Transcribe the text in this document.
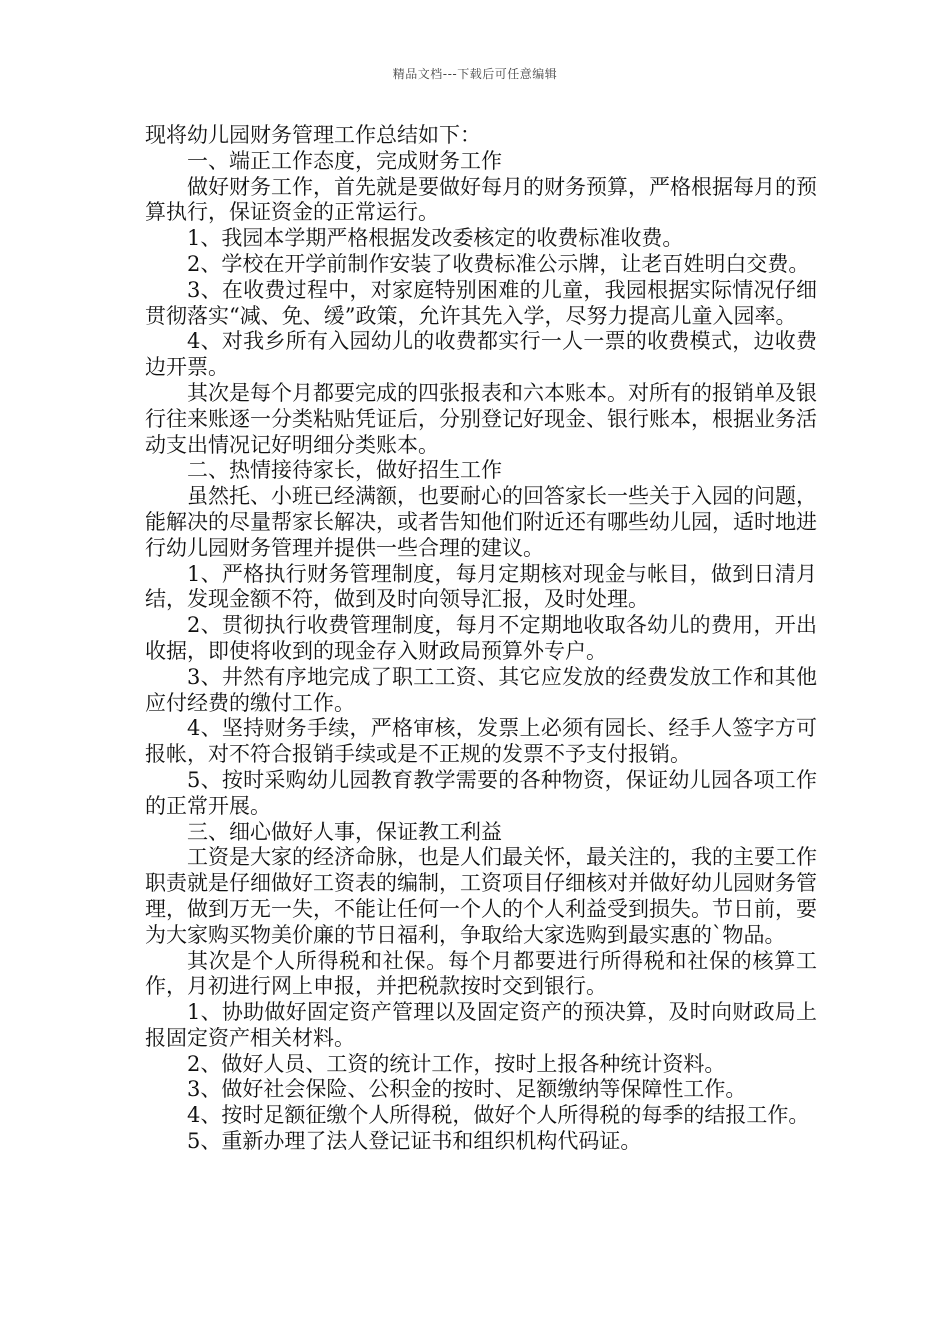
精品文档---下载后可任意编辑

现将幼儿园财务管理工作总结如下：

一、端正工作态度，完成财务工作

做好财务工作，首先就是要做好每月的财务预算，严格根据每月的预算执行，保证资金的正常运行。

1、我园本学期严格根据发改委核定的收费标准收费。

2、学校在开学前制作安装了收费标准公示牌，让老百姓明白交费。

3、在收费过程中，对家庭特别困难的儿童，我园根据实际情况仔细贯彻落实“减、免、缓”政策，允许其先入学，尽努力提高儿童入园率。

4、对我乡所有入园幼儿的收费都实行一人一票的收费模式，边收费边开票。

其次是每个月都要完成的四张报表和六本账本。对所有的报销单及银行往来账逐一分类粘贴凭证后，分别登记好现金、银行账本，根据业务活动支出情况记好明细分类账本。

二、热情接待家长，做好招生工作

虽然托、小班已经满额，也要耐心的回答家长一些关于入园的问题，能解决的尽量帮家长解决，或者告知他们附近还有哪些幼儿园，适时地进行幼儿园财务管理并提供一些合理的建议。

1、严格执行财务管理制度，每月定期核对现金与帐目，做到日清月结，发现金额不符，做到及时向领导汇报，及时处理。

2、贯彻执行收费管理制度，每月不定期地收取各幼儿的费用，开出收据，即使将收到的现金存入财政局预算外专户。

3、井然有序地完成了职工工资、其它应发放的经费发放工作和其他应付经费的缴付工作。

4、坚持财务手续，严格审核，发票上必须有园长、经手人签字方可报帐，对不符合报销手续或是不正规的发票不予支付报销。

5、按时采购幼儿园教育教学需要的各种物资，保证幼儿园各项工作的正常开展。

三、细心做好人事，保证教工利益

工资是大家的经济命脉，也是人们最关怀，最关注的，我的主要工作职责就是仔细做好工资表的编制，工资项目仔细核对并做好幼儿园财务管理，做到万无一失，不能让任何一个人的个人利益受到损失。节日前，要为大家购买物美价廉的节日福利，争取给大家选购到最实惠的`物品。

其次是个人所得税和社保。每个月都要进行所得税和社保的核算工作，月初进行网上申报，并把税款按时交到银行。

1、协助做好固定资产管理以及固定资产的预决算，及时向财政局上报固定资产相关材料。

2、做好人员、工资的统计工作，按时上报各种统计资料。

3、做好社会保险、公积金的按时、足额缴纳等保障性工作。

4、按时足额征缴个人所得税，做好个人所得税的每季的结报工作。

5、重新办理了法人登记证书和组织机构代码证。
